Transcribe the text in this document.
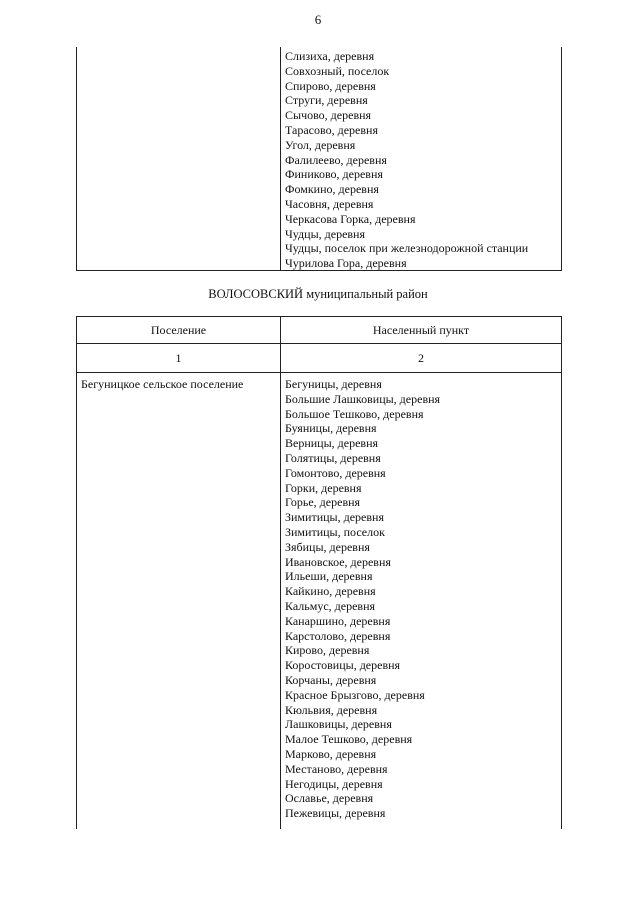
6
Слизиха, деревня
Совхозный, поселок
Спирово, деревня
Струги, деревня
Сычово, деревня
Тарасово, деревня
Угол, деревня
Фалилеево, деревня
Финиково, деревня
Фомкино, деревня
Часовня, деревня
Черкасова Горка, деревня
Чудцы, деревня
Чудцы, поселок при железнодорожной станции
Чурилова Гора, деревня
ВОЛОСОВСКИЙ муниципальный район
Поселение	Населенный пункт
1	2
Бегуницкое сельское поселение	Бегуницы, деревня
Большие Лашковицы, деревня
Большое Тешково, деревня
Буяницы, деревня
Верницы, деревня
Голятицы, деревня
Гомонтово, деревня
Горки, деревня
Горье, деревня
Зимитицы, деревня
Зимитицы, поселок
Зябицы, деревня
Ивановское, деревня
Ильеши, деревня
Кайкино, деревня
Кальмус, деревня
Канаршино, деревня
Карстолово, деревня
Кирово, деревня
Коростовицы, деревня
Корчаны, деревня
Красное Брызгово, деревня
Кюльвия, деревня
Лашковицы, деревня
Малое Тешково, деревня
Марково, деревня
Местаново, деревня
Негодицы, деревня
Ославье, деревня
Пежевицы, деревня
